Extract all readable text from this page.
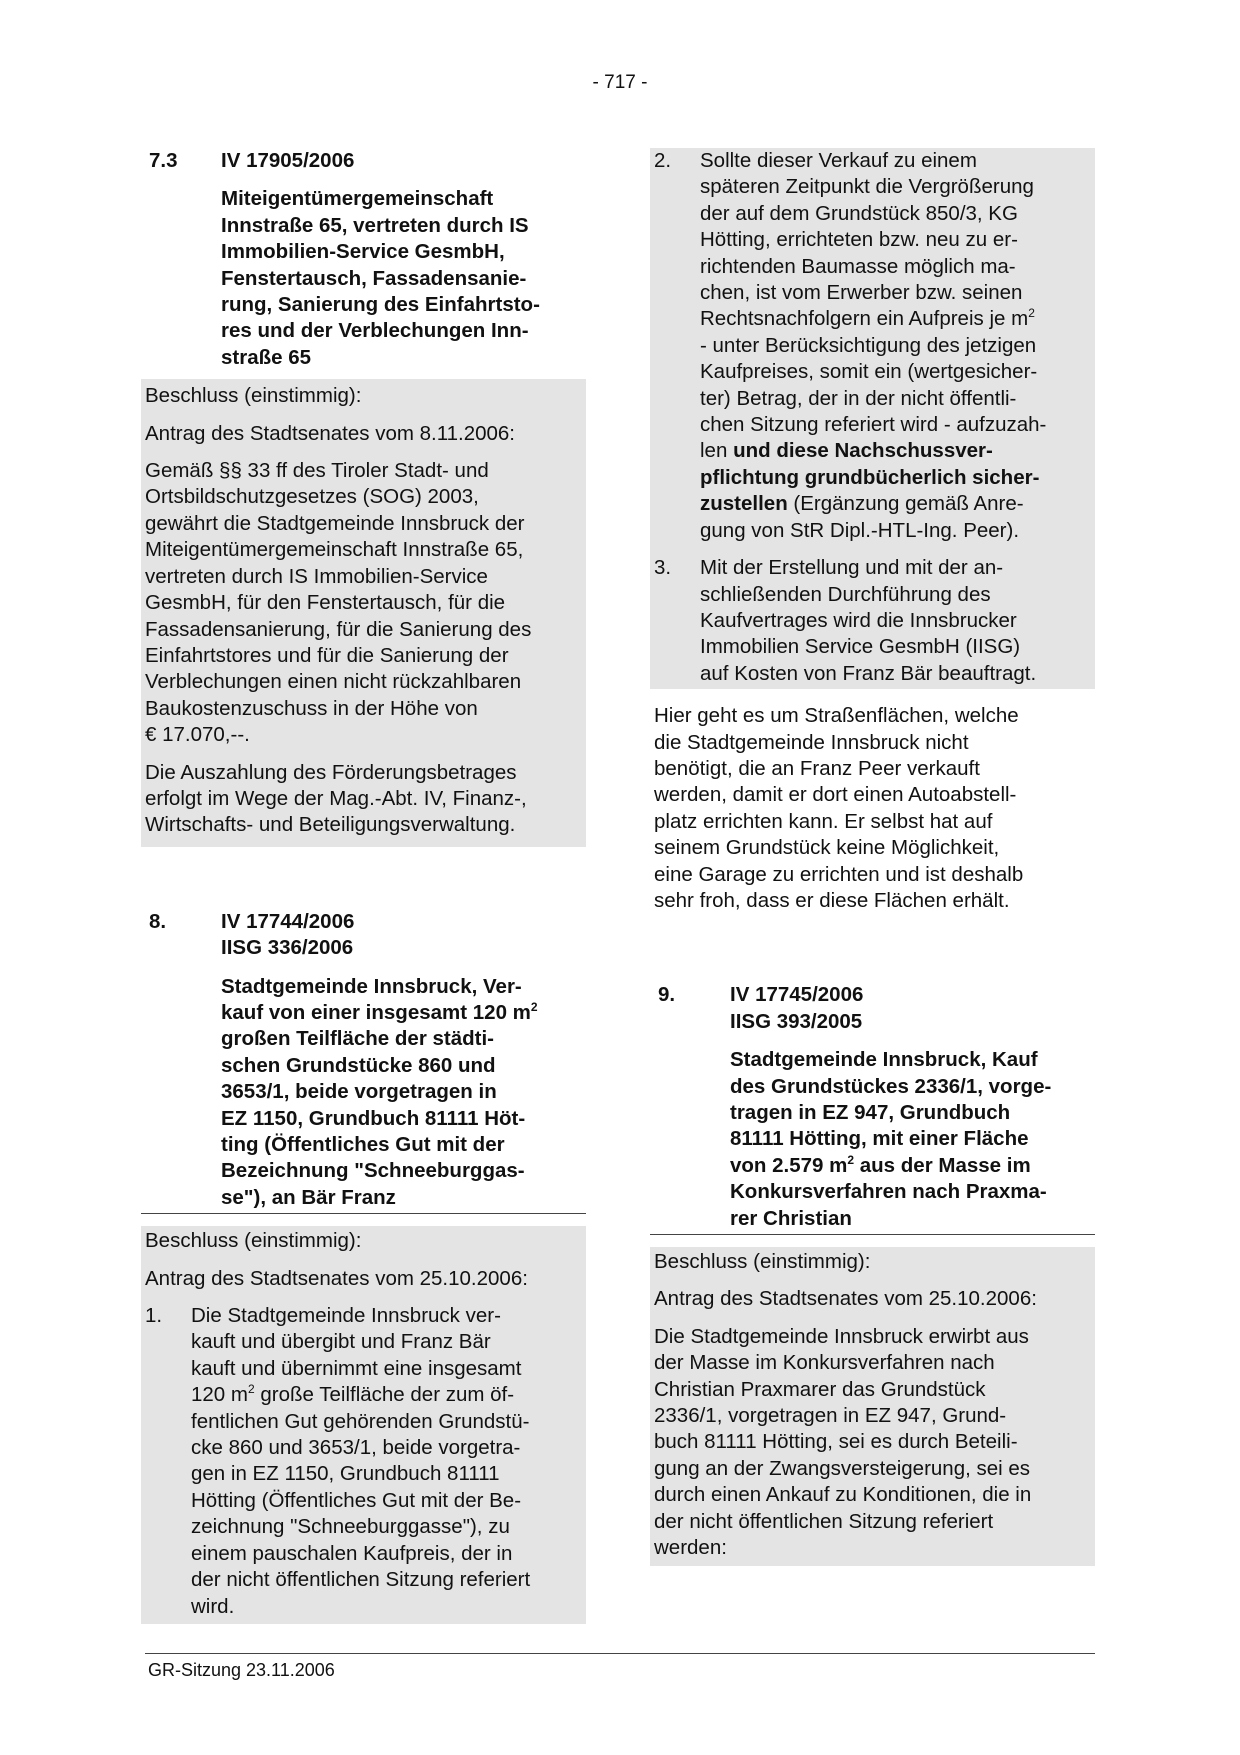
- 717 -
7.3 IV 17905/2006

Miteigentümergemeinschaft

Innstraße 65, vertreten durch IS

Immobilien-Service GesmbH,

Fenstertausch, Fassadensanie-

rung, Sanierung des Einfahrtsto-

res und der Verblechungen Inn-

straße 65

Beschluss (einstimmig):

Antrag des Stadtsenates vom 8.11.2006:

Gemäß §§ 33 ff des Tiroler Stadt- und

Ortsbildschutzgesetzes (SOG) 2003,

gewährt die Stadtgemeinde Innsbruck der

Miteigentümergemeinschaft Innstraße 65,

vertreten durch IS Immobilien-Service

GesmbH, für den Fenstertausch, für die

Fassadensanierung, für die Sanierung des

Einfahrtstores und für die Sanierung der

Verblechungen einen nicht rückzahlbaren

Baukostenzuschuss in der Höhe von

€ 17.070,--.

Die Auszahlung des Förderungsbetrages

erfolgt im Wege der Mag.-Abt. IV, Finanz-,

Wirtschafts- und Beteiligungsverwaltung.

8.	IV 17744/2006

IISG 336/2006

Stadtgemeinde Innsbruck, Ver-

kauf von einer insgesamt 120 $m^2$

großen Teilfläche der städti-

schen Grundstücke 860 und

3653/1, beide vorgetragen in

EZ 1150, Grundbuch 81111 Höt-

ting (Öffentliches Gut mit der

Bezeichnung "Schneeburggas-

se"), an Bär Franz

Beschluss (einstimmig):

Antrag des Stadtsenates vom 25.10.2006:

1. Die Stadtgemeinde Innsbruck ver-
kauft und übergibt und Franz Bär
kauft und übernimmt eine insgesamt
120 $m^2$ große Teilfläche der zum öf-
fentlichen Gut gehörenden Grundstü-
cke 860 und 3653/1, beide vorgetra-
gen in EZ 1150, Grundbuch 81111
Hötting (Öffentliches Gut mit der Be-
zeichnung "Schneeburggasse"), zu
einem pauschalen Kaufpreis, der in
der nicht öffentlichen Sitzung referiert
wird.
2. Sollte dieser Verkauf zu einem
späteren Zeitpunkt die Vergrößerung
der auf dem Grundstück 850/3, KG
Hötting, errichteten bzw. neu zu er-
richtenden Baumasse möglich ma-
chen, ist vom Erwerber bzw. seinen
Rechtsnachfolgern ein Aufpreis je $m^2$
- unter Berücksichtigung des jetzigen
Kaufpreises, somit ein (wertgesicher-
ter) Betrag, der in der nicht öffentli-
chen Sitzung referiert wird - aufzuzah-
len und diese Nachschussver-
pflichtung grundbücherlich sicher-
zustellen (Ergänzung gemäß Anre-
gung von StR Dipl.-HTL-Ing. Peer).
3. Mit der Erstellung und mit der an-
schließenden Durchführung des
Kaufvertrages wird die Innsbrucker
Immobilien Service GesmbH (IISG)
auf Kosten von Franz Bär beauftragt.

Hier geht es um Straßenflächen, welche

die Stadtgemeinde Innsbruck nicht

benötigt, die an Franz Peer verkauft

werden, damit er dort einen Autoabstell-

platz errichten kann. Er selbst hat auf

seinem Grundstück keine Möglichkeit,

eine Garage zu errichten und ist deshalb

sehr froh, dass er diese Flächen erhält.

9.	IV 17745/2006

IISG 393/2005

Stadtgemeinde Innsbruck, Kauf

des Grundstückes 2336/1, vorge-

tragen in EZ 947, Grundbuch

81111 Hötting, mit einer Fläche

von 2.579 $m^2$ aus der Masse im

Konkursverfahren nach Praxma-

rer Christian

Beschluss (einstimmig):

Antrag des Stadtsenates vom 25.10.2006:

Die Stadtgemeinde Innsbruck erwirbt aus

der Masse im Konkursverfahren nach

Christian Praxmarer das Grundstück

2336/1, vorgetragen in EZ 947, Grund-

buch 81111 Hötting, sei es durch Beteili-

gung an der Zwangsversteigerung, sei es

durch einen Ankauf zu Konditionen, die in

der nicht öffentlichen Sitzung referiert

werden:

GR-Sitzung 23.11.2006
